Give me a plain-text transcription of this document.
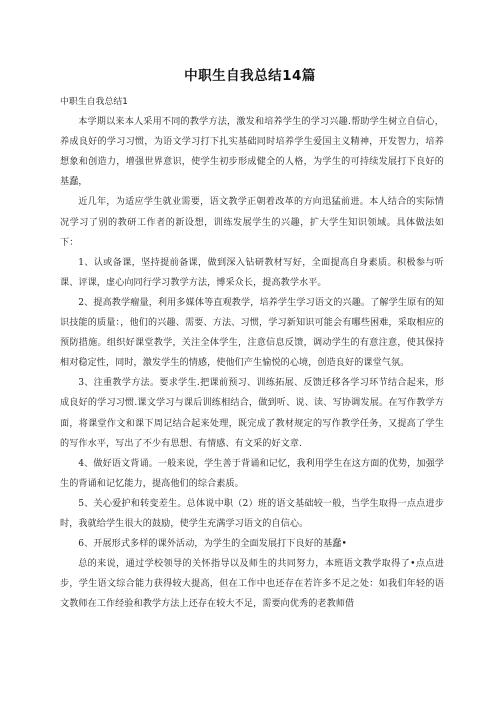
中职生自我总结14篇

中职生自我总结1

本学期以来本人采用不同的教学方法，激发和培养学生的学习兴趣.帮助学生树立自信心，养成良好的学习习惯，为语文学习打下扎实基础同时培养学生爱国主义精神，开发智力，培养想象和创造力，增强世界意识，使学生初步形成健全的人格，为学生的可持续发展打下良好的基蠢，

近几年，为适应学生就业需要，语文教学正朝着改革的方向迅猛前进。本人结合的实际情况学习了别的教研工作者的新设想，训练发展学生的兴趣，扩大学生知识领域。具体做法如下：

1、认或备课，坚持提前备课，做到深入钻研教材写好，全面提高自身素质。积极参与听课、评课，虚心向同行学习教学方法，博采众长，提高教学水平。

2、提高教学瘤量，利用多媒体等直观教学，培养学生学习语文的兴趣。了解学生原有的知识技能的质量：，他们的兴趣、需要、方法、习惯，学习新知识可能会有哪些困难，采取相应的预防措施。组织好课堂教学，关注全体学生，注意信息反馈，调动学生的有意注意，使其保持相对稳定性，同时，激发学生的情感，使他们产生愉悦的心境，创造良好的课堂气氛。

3、注重教学方法。要求学生.把课前预习、训练拓展、反馈迁移各学习环节结合起来，形成良好的学习习惯.课文学习与课后训练相结合，做到听、说、读、写协调发展。在写作教学方面，将课堂作文和课下周记结合起来处理，既完成了教材规定的写作教学任务，又提高了学生的写作水平，写出了不少有思想、有情感、有文采的好文章.

4、做好语文背诵。一般来说，学生善于背诵和记忆，我利用学生在这方面的优势，加强学生的背诵和记忆能力，提高他们的综合素质。

5、关心爱护和转变差生。总体说中职（2）班的语文基础较一般，当学生取得一点点进步时，我就给学生很大的鼓励，使学生充满学习语文的自信心。

6、开展形式多样的课外活动，为学生的全面发展打下良好的基蠢•

总的来说，通过学校领导的关怀指导以及师生的共同努力，本班语文教学取得了•点点进步，学生语文综合能力获得较大提高，但在工作中也还存在若许多不足之处：如我们年轻的语文教师在工作经验和教学方法上还存在较大不足，需要向优秀的老教师借
